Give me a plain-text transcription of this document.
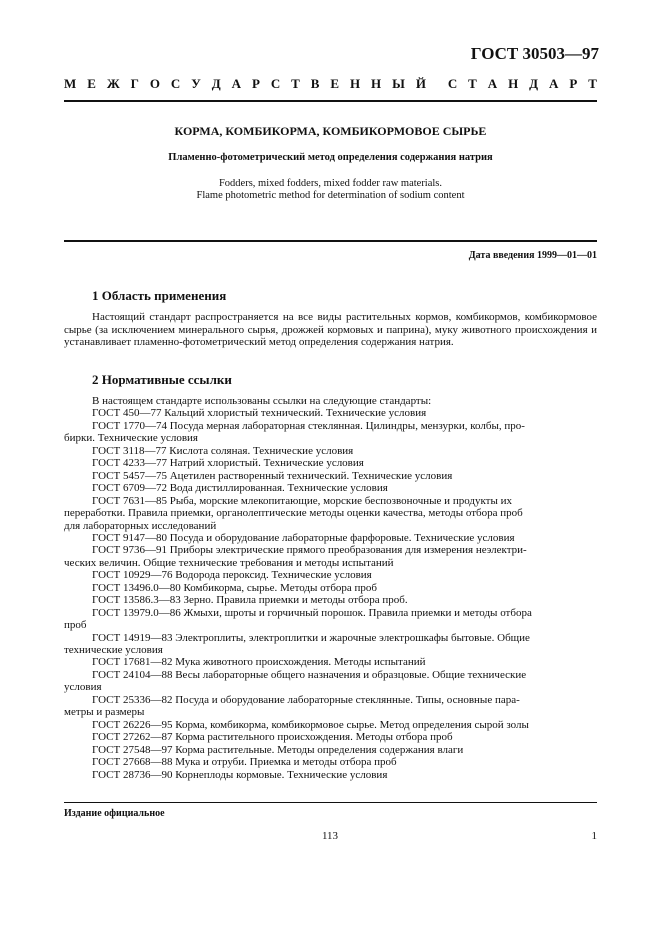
ГОСТ 30503—97
М Е Ж Г О С У Д А Р С Т В Е Н Н Ы Й С Т А Н Д А Р Т
КОРМА, КОМБИКОРМА, КОМБИКОРМОВОЕ СЫРЬЕ
Пламенно-фотометрический метод определения содержания натрия
Fodders, mixed fodders, mixed fodder raw materials.
Flame photometric method for determination of sodium content
Дата введения 1999—01—01
1 Область применения
Настоящий стандарт распространяется на все виды растительных кормов, комбикормов, комбикормовое сырье (за исключением минерального сырья, дрожжей кормовых и паприна), муку животного происхождения и устанавливает пламенно-фотометрический метод определения содержания натрия.
2 Нормативные ссылки
В настоящем стандарте использованы ссылки на следующие стандарты:
ГОСТ 450—77 Кальций хлористый технический. Технические условия
ГОСТ 1770—74 Посуда мерная лабораторная стеклянная. Цилиндры, мензурки, колбы, про-
бирки. Технические условия
ГОСТ 3118—77 Кислота соляная. Технические условия
ГОСТ 4233—77 Натрий хлористый. Технические условия
ГОСТ 5457—75 Ацетилен растворенный технический. Технические условия
ГОСТ 6709—72 Вода дистиллированная. Технические условия
ГОСТ 7631—85 Рыба, морские млекопитающие, морские беспозвоночные и продукты их
переработки. Правила приемки, органолептические методы оценки качества, методы отбора проб
для лабораторных исследований
ГОСТ 9147—80 Посуда и оборудование лабораторные фарфоровые. Технические условия
ГОСТ 9736—91 Приборы электрические прямого преобразования для измерения неэлектри-
ческих величин. Общие технические требования и методы испытаний
ГОСТ 10929—76 Водорода пероксид. Технические условия
ГОСТ 13496.0—80 Комбикорма, сырье. Методы отбора проб
ГОСТ 13586.3—83 Зерно. Правила приемки и методы отбора проб.
ГОСТ 13979.0—86 Жмыхи, шроты и горчичный порошок. Правила приемки и методы отбора
проб
ГОСТ 14919—83 Электроплиты, электроплитки и жарочные электрошкафы бытовые. Общие
технические условия
ГОСТ 17681—82 Мука животного происхождения. Методы испытаний
ГОСТ 24104—88 Весы лабораторные общего назначения и образцовые. Общие технические
условия
ГОСТ 25336—82 Посуда и оборудование лабораторные стеклянные. Типы, основные пара-
метры и размеры
ГОСТ 26226—95 Корма, комбикорма, комбикормовое сырье. Метод определения сырой золы
ГОСТ 27262—87 Корма растительного происхождения. Методы отбора проб
ГОСТ 27548—97 Корма растительные. Методы определения содержания влаги
ГОСТ 27668—88 Мука и отруби. Приемка и методы отбора проб
ГОСТ 28736—90 Корнеплоды кормовые. Технические условия
Издание официальное
113	1
